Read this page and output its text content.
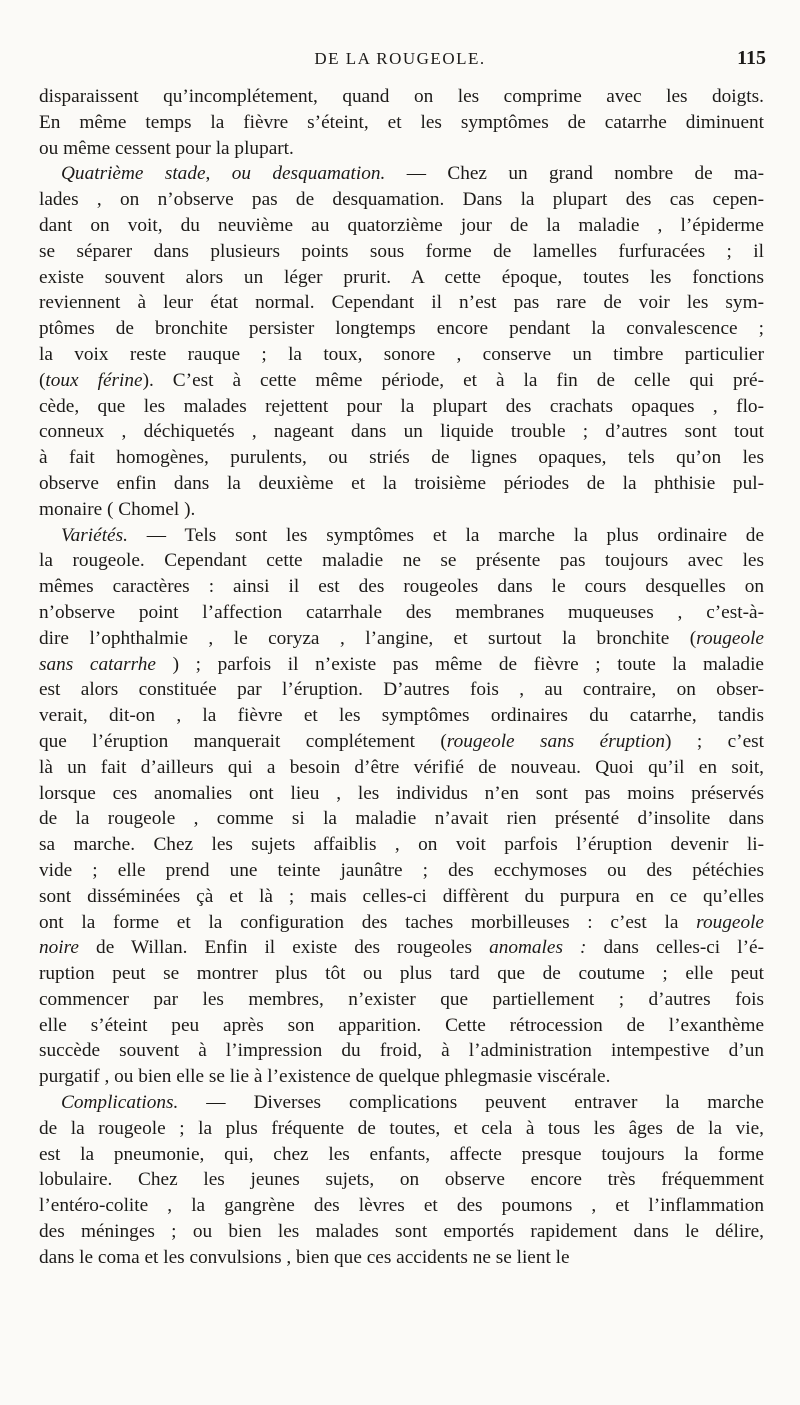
DE LA ROUGEOLE.	115
disparaissent qu’incomplétement, quand on les comprime avec les doigts.
En même temps la fièvre s’éteint, et les symptômes de catarrhe diminuent
ou même cessent pour la plupart.
Quatrième stade, ou desquamation. — Chez un grand nombre de ma-
lades , on n’observe pas de desquamation. Dans la plupart des cas cepen-
dant on voit, du neuvième au quatorzième jour de la maladie , l’épiderme
se séparer dans plusieurs points sous forme de lamelles furfuracées ; il
existe souvent alors un léger prurit. A cette époque, toutes les fonctions
reviennent à leur état normal. Cependant il n’est pas rare de voir les sym-
ptômes de bronchite persister longtemps encore pendant la convalescence ;
la voix reste rauque ; la toux, sonore , conserve un timbre particulier
(toux férine). C’est à cette même période, et à la fin de celle qui pré-
cède, que les malades rejettent pour la plupart des crachats opaques , flo-
conneux , déchiquetés , nageant dans un liquide trouble ; d’autres sont tout
à fait homogènes, purulents, ou striés de lignes opaques, tels qu’on les
observe enfin dans la deuxième et la troisième périodes de la phthisie pul-
monaire ( Chomel ).
Variétés. — Tels sont les symptômes et la marche la plus ordinaire de
la rougeole. Cependant cette maladie ne se présente pas toujours avec les
mêmes caractères : ainsi il est des rougeoles dans le cours desquelles on
n’observe point l’affection catarrhale des membranes muqueuses , c’est-à-
dire l’ophthalmie , le coryza , l’angine, et surtout la bronchite (rougeole
sans catarrhe ) ; parfois il n’existe pas même de fièvre ; toute la maladie
est alors constituée par l’éruption. D’autres fois , au contraire, on obser-
verait, dit-on , la fièvre et les symptômes ordinaires du catarrhe, tandis
que l’éruption manquerait complétement (rougeole sans éruption) ; c’est
là un fait d’ailleurs qui a besoin d’être vérifié de nouveau. Quoi qu’il en soit,
lorsque ces anomalies ont lieu , les individus n’en sont pas moins préservés
de la rougeole , comme si la maladie n’avait rien présenté d’insolite dans
sa marche. Chez les sujets affaiblis , on voit parfois l’éruption devenir li-
vide ; elle prend une teinte jaunâtre ; des ecchymoses ou des pétéchies
sont disséminées çà et là ; mais celles-ci diffèrent du purpura en ce qu’elles
ont la forme et la configuration des taches morbilleuses : c’est la rougeole
noire de Willan. Enfin il existe des rougeoles anomales : dans celles-ci l’é-
ruption peut se montrer plus tôt ou plus tard que de coutume ; elle peut
commencer par les membres, n’exister que partiellement ; d’autres fois
elle s’éteint peu après son apparition. Cette rétrocession de l’exanthème
succède souvent à l’impression du froid, à l’administration intempestive d’un
purgatif , ou bien elle se lie à l’existence de quelque phlegmasie viscérale.
Complications. — Diverses complications peuvent entraver la marche
de la rougeole ; la plus fréquente de toutes, et cela à tous les âges de la vie,
est la pneumonie, qui, chez les enfants, affecte presque toujours la forme
lobulaire. Chez les jeunes sujets, on observe encore très fréquemment
l’entéro-colite , la gangrène des lèvres et des poumons , et l’inflammation
des méninges ; ou bien les malades sont emportés rapidement dans le délire,
dans le coma et les convulsions , bien que ces accidents ne se lient le
